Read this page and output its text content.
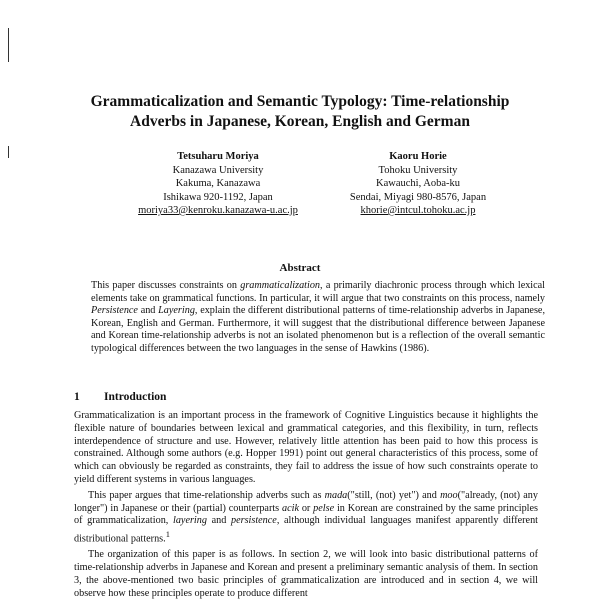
Grammaticalization and Semantic Typology: Time-relationship
Adverbs in Japanese, Korean, English and German
Tetsuharu Moriya
Kanazawa University
Kakuma, Kanazawa
Ishikawa 920-1192, Japan
moriya33@kenroku.kanazawa-u.ac.jp
Kaoru Horie
Tohoku University
Kawauchi, Aoba-ku
Sendai, Miyagi 980-8576, Japan
khorie@intcul.tohoku.ac.jp
Abstract
This paper discusses constraints on grammaticalization, a primarily diachronic process through which lexical elements take on grammatical functions. In particular, it will argue that two constraints on this process, namely Persistence and Layering, explain the different distributional patterns of time-relationship adverbs in Japanese, Korean, English and German. Furthermore, it will suggest that the distributional difference between Japanese and Korean time-relationship adverbs is not an isolated phenomenon but is a reflection of the overall semantic typological differences between the two languages in the sense of Hawkins (1986).
1 Introduction

Grammaticalization is an important process in the framework of Cognitive Linguistics because it highlights the flexible nature of boundaries between lexical and grammatical categories, and this flexibility, in turn, reflects interdependence of structure and use. However, relatively little attention has been paid to how this process is constrained. Although some authors (e.g. Hopper 1991) point out general characteristics of this process, some of which can obviously be regarded as constraints, they fail to address the issue of how such constraints operate to yield different systems in various languages.

This paper argues that time-relationship adverbs such as mada("still, (not) yet") and moo("already, (not) any longer") in Japanese or their (partial) counterparts acik or pelse in Korean are constrained by the same principles of grammaticalization, layering and persistence, although individual languages manifest apparently different distributional patterns.$^1$

The organization of this paper is as follows. In section 2, we will look into basic distributional patterns of time-relationship adverbs in Japanese and Korean and present a preliminary semantic analysis of them. In section 3, the above-mentioned two basic principles of grammaticalization are introduced and in section 4, we will observe how these principles operate to produce different
